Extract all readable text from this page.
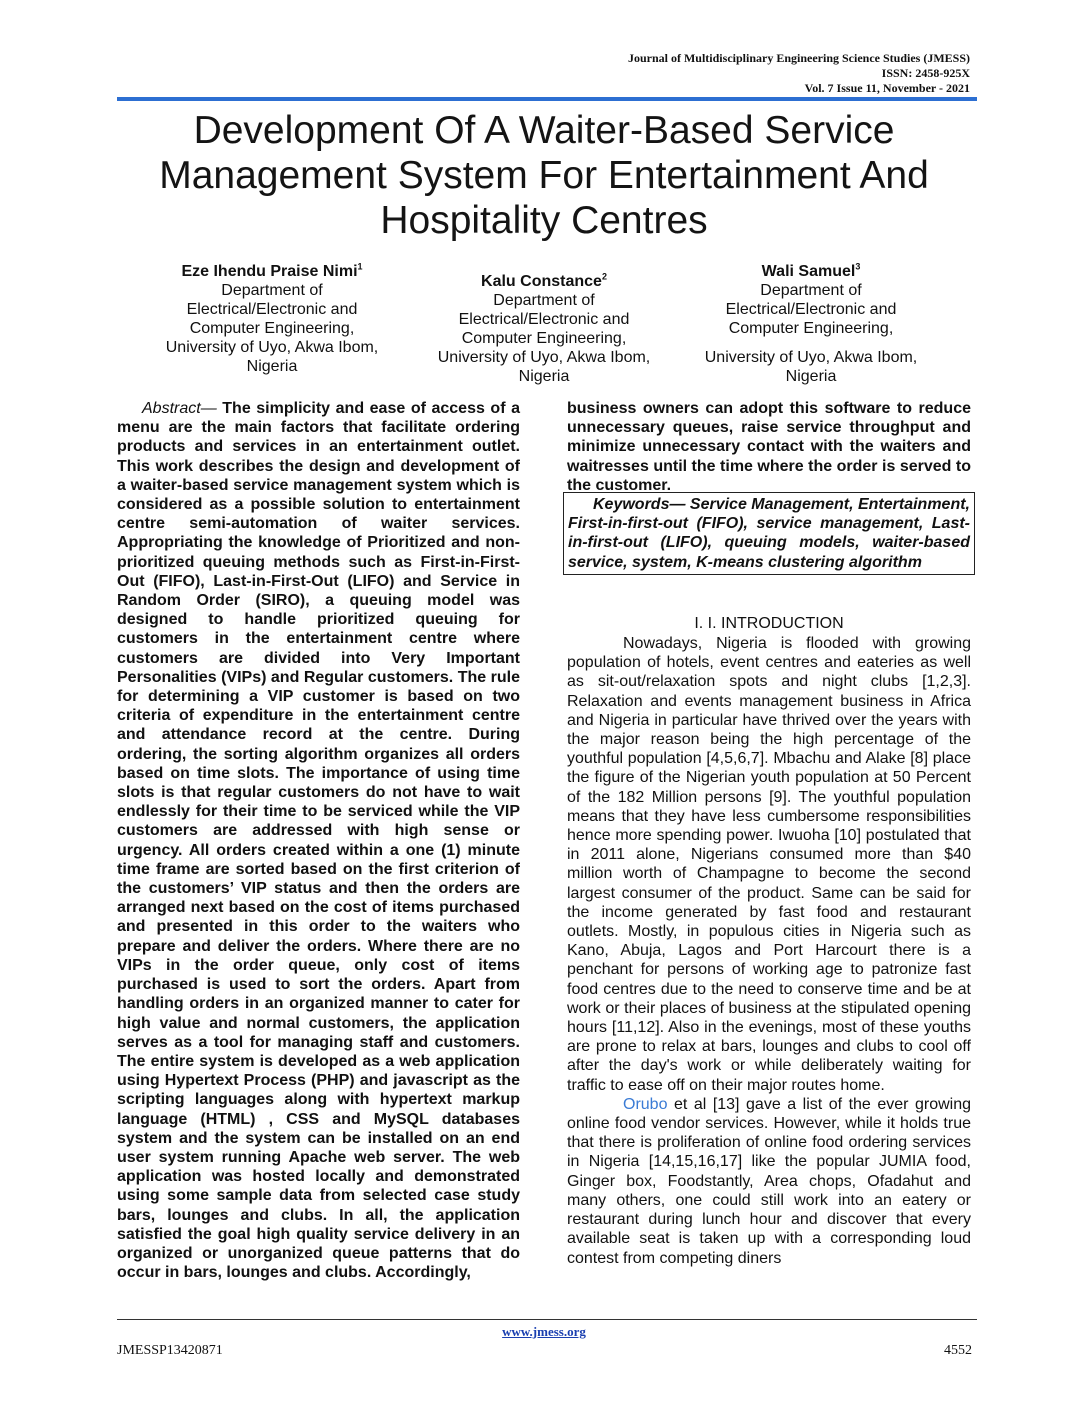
Journal of Multidisciplinary Engineering Science Studies (JMESS)
ISSN: 2458-925X
Vol. 7 Issue 11, November - 2021
Development Of A Waiter-Based Service Management System For Entertainment And Hospitality Centres
Eze Ihendu Praise Nimi$^1$
Department of
Electrical/Electronic and
Computer Engineering,
University of Uyo, Akwa Ibom,
Nigeria
Kalu Constance$^2$
Department of
Electrical/Electronic and
Computer Engineering,
University of Uyo, Akwa Ibom,
Nigeria
Wali Samuel$^3$
Department of
Electrical/Electronic and
Computer Engineering,
University of Uyo, Akwa Ibom,
Nigeria

Abstract— The simplicity and ease of access of a menu are the main factors that facilitate ordering products and services in an entertainment outlet. This work describes the design and development of a waiter-based service management system which is considered as a possible solution to entertainment centre semi-automation of waiter services. Appropriating the knowledge of Prioritized and non-prioritized queuing methods such as First-in-First-Out (FIFO), Last-in-First-Out (LIFO) and Service in Random Order (SIRO), a queuing model was designed to handle prioritized queuing for customers in the entertainment centre where customers are divided into Very Important Personalities (VIPs) and Regular customers. The rule for determining a VIP customer is based on two criteria of expenditure in the entertainment centre and attendance record at the centre. During ordering, the sorting algorithm organizes all orders based on time slots. The importance of using time slots is that regular customers do not have to wait endlessly for their time to be serviced while the VIP customers are addressed with high sense or urgency. All orders created within a one (1) minute time frame are sorted based on the first criterion of the customers’ VIP status and then the orders are arranged next based on the cost of items purchased and presented in this order to the waiters who prepare and deliver the orders. Where there are no VIPs in the order queue, only cost of items purchased is used to sort the orders. Apart from handling orders in an organized manner to cater for high value and normal customers, the application serves as a tool for managing staff and customers. The entire system is developed as a web application using Hypertext Process (PHP) and javascript as the scripting languages along with hypertext markup language (HTML) , CSS and MySQL databases system and the system can be installed on an end user system running Apache web server. The web application was hosted locally and demonstrated using some sample data from selected case study bars, lounges and clubs. In all, the application satisfied the goal high quality service delivery in an organized or unorganized queue patterns that do occur in bars, lounges and clubs. Accordingly,

business owners can adopt this software to reduce unnecessary queues, raise service throughput and minimize unnecessary contact with the waiters and waitresses until the time where the order is served to the customer.

Keywords— Service Management, Entertainment, First-in-first-out (FIFO), service management, Last-in-first-out (LIFO), queuing models, waiter-based service, system, K-means clustering algorithm

I. I. INTRODUCTION

Nowadays, Nigeria is flooded with growing population of hotels, event centres and eateries as well as sit-out/relaxation spots and night clubs [1,2,3]. Relaxation and events management business in Africa and Nigeria in particular have thrived over the years with the major reason being the high percentage of the youthful population [4,5,6,7]. Mbachu and Alake [8] place the figure of the Nigerian youth population at 50 Percent of the 182 Million persons [9]. The youthful population means that they have less cumbersome responsibilities hence more spending power. Iwuoha [10] postulated that in 2011 alone, Nigerians consumed more than $40 million worth of Champagne to become the second largest consumer of the product. Same can be said for the income generated by fast food and restaurant outlets. Mostly, in populous cities in Nigeria such as Kano, Abuja, Lagos and Port Harcourt there is a penchant for persons of working age to patronize fast food centres due to the need to conserve time and be at work or their places of business at the stipulated opening hours [11,12]. Also in the evenings, most of these youths are prone to relax at bars, lounges and clubs to cool off after the day's work or while deliberately waiting for traffic to ease off on their major routes home.

Orubo et al [13] gave a list of the ever growing online food vendor services. However, while it holds true that there is proliferation of online food ordering services in Nigeria [14,15,16,17] like the popular JUMIA food, Ginger box, Foodstantly, Area chops, Ofadahut and many others, one could still work into an eatery or restaurant during lunch hour and discover that every available seat is taken up with a corresponding loud contest from competing diners

www.jmess.org
JMESSP13420871	4552
